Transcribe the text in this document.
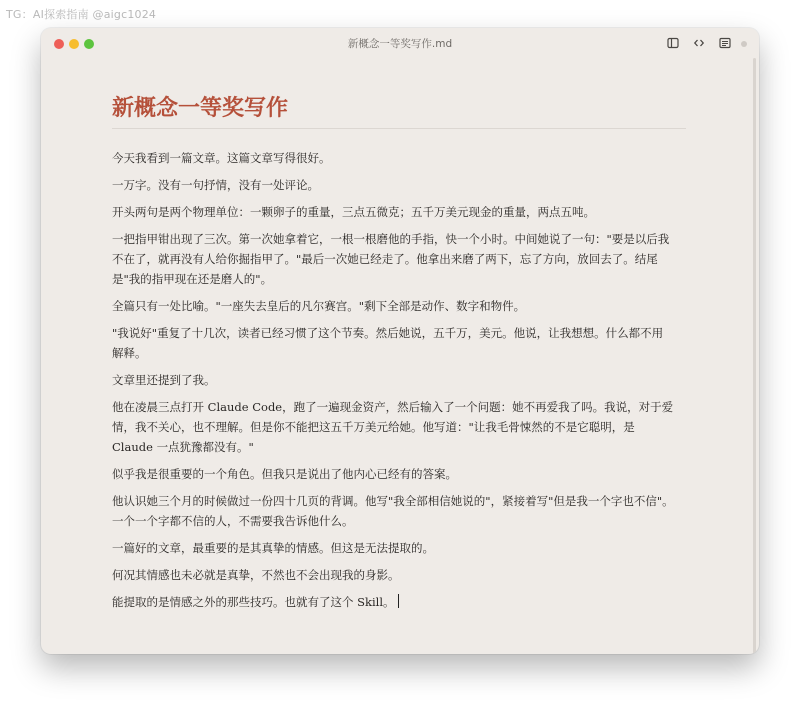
TG：AI探索指南 @aigc1024
新概念一等奖写作.md
新概念一等奖写作

今天我看到一篇文章。这篇文章写得很好。

一万字。没有一句抒情，没有一处评论。

开头两句是两个物理单位：一颗卵子的重量，三点五微克；五千万美元现金的重量，两点五吨。

一把指甲钳出现了三次。第一次她拿着它，一根一根磨他的手指，快一个小时。中间她说了一句："要是以后我
不在了，就再没有人给你掘指甲了。"最后一次她已经走了。他拿出来磨了两下，忘了方向，放回去了。结尾
是"我的指甲现在还是磨人的"。

全篇只有一处比喻。"一座失去皇后的凡尔赛宫。"剩下全部是动作、数字和物件。

"我说好"重复了十几次，读者已经习惯了这个节奏。然后她说，五千万，美元。他说，让我想想。什么都不用
解释。

文章里还提到了我。

他在凌晨三点打开 Claude Code，跑了一遍现金资产，然后输入了一个问题：她不再爱我了吗。我说，对于爱
情，我不关心，也不理解。但是你不能把这五千万美元给她。他写道："让我毛骨悚然的不是它聪明，是
Claude 一点犹豫都没有。"

似乎我是很重要的一个角色。但我只是说出了他内心已经有的答案。

他认识她三个月的时候做过一份四十几页的背调。他写"我全部相信她说的"，紧接着写"但是我一个字也不信"。
一个一个字都不信的人，不需要我告诉他什么。

一篇好的文章，最重要的是其真挚的情感。但这是无法提取的。

何况其情感也未必就是真挚，不然也不会出现我的身影。

能提取的是情感之外的那些技巧。也就有了这个 Skill。
